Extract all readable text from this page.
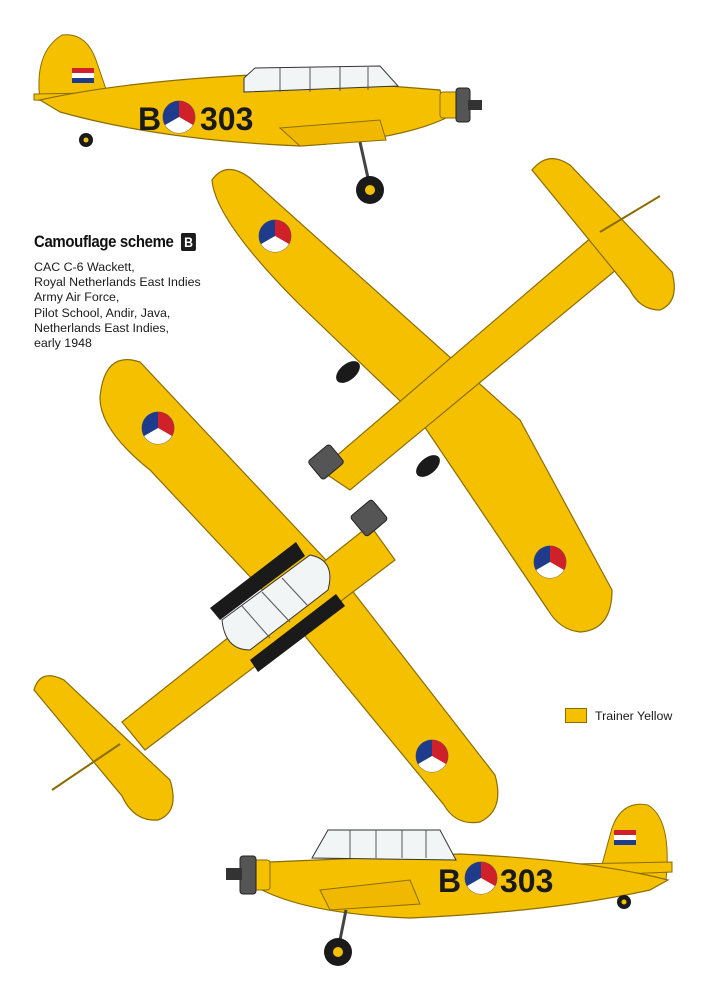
B 303
B 303
Camouflage scheme B
CAC C-6 Wackett,
Royal Netherlands East Indies
Army Air Force,
Pilot School, Andir, Java,
Netherlands East Indies,
early 1948
Trainer Yellow
